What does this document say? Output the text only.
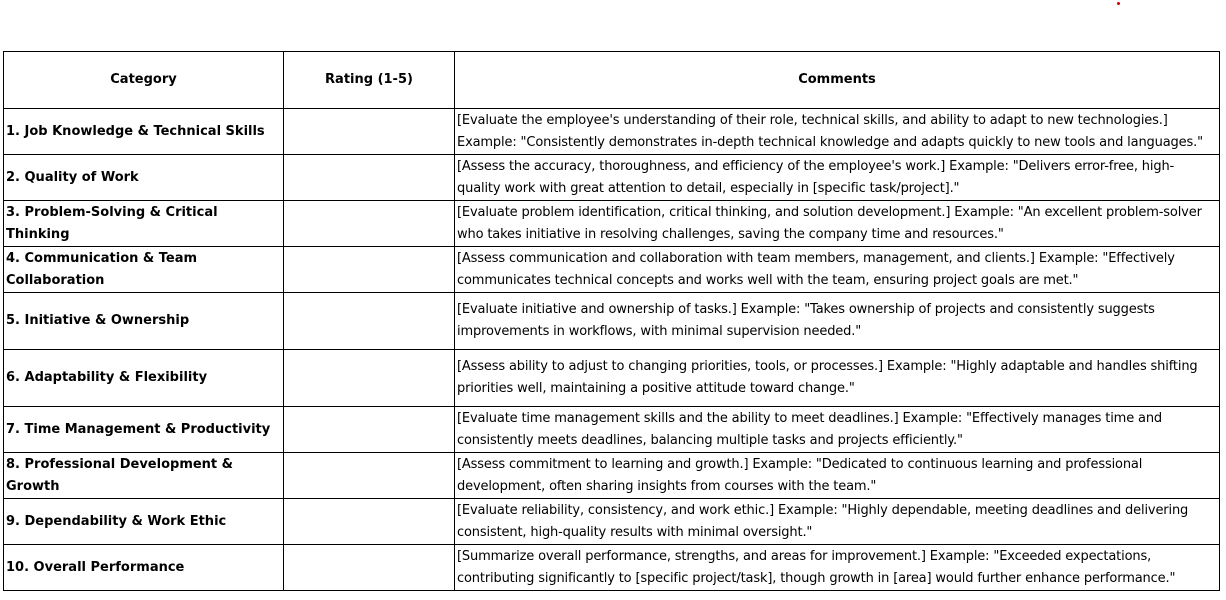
Category	Rating (1-5)	Comments
1. Job Knowledge & Technical Skills		[Evaluate the employee's understanding of their role, technical skills, and ability to adapt to new technologies.] Example: "Consistently demonstrates in-depth technical knowledge and adapts quickly to new tools and languages."
2. Quality of Work		[Assess the accuracy, thoroughness, and efficiency of the employee's work.] Example: "Delivers error-free, high-quality work with great attention to detail, especially in [specific task/project]."
3. Problem-Solving & Critical Thinking		[Evaluate problem identification, critical thinking, and solution development.] Example: "An excellent problem-solver who takes initiative in resolving challenges, saving the company time and resources."
4. Communication & Team Collaboration		[Assess communication and collaboration with team members, management, and clients.] Example: "Effectively communicates technical concepts and works well with the team, ensuring project goals are met."
5. Initiative & Ownership		[Evaluate initiative and ownership of tasks.] Example: "Takes ownership of projects and consistently suggests improvements in workflows, with minimal supervision needed."
6. Adaptability & Flexibility		[Assess ability to adjust to changing priorities, tools, or processes.] Example: "Highly adaptable and handles shifting priorities well, maintaining a positive attitude toward change."
7. Time Management & Productivity		[Evaluate time management skills and the ability to meet deadlines.] Example: "Effectively manages time and consistently meets deadlines, balancing multiple tasks and projects efficiently."
8. Professional Development & Growth		[Assess commitment to learning and growth.] Example: "Dedicated to continuous learning and professional development, often sharing insights from courses with the team."
9. Dependability & Work Ethic		[Evaluate reliability, consistency, and work ethic.] Example: "Highly dependable, meeting deadlines and delivering consistent, high-quality results with minimal oversight."
10. Overall Performance		[Summarize overall performance, strengths, and areas for improvement.] Example: "Exceeded expectations, contributing significantly to [specific project/task], though growth in [area] would further enhance performance."
